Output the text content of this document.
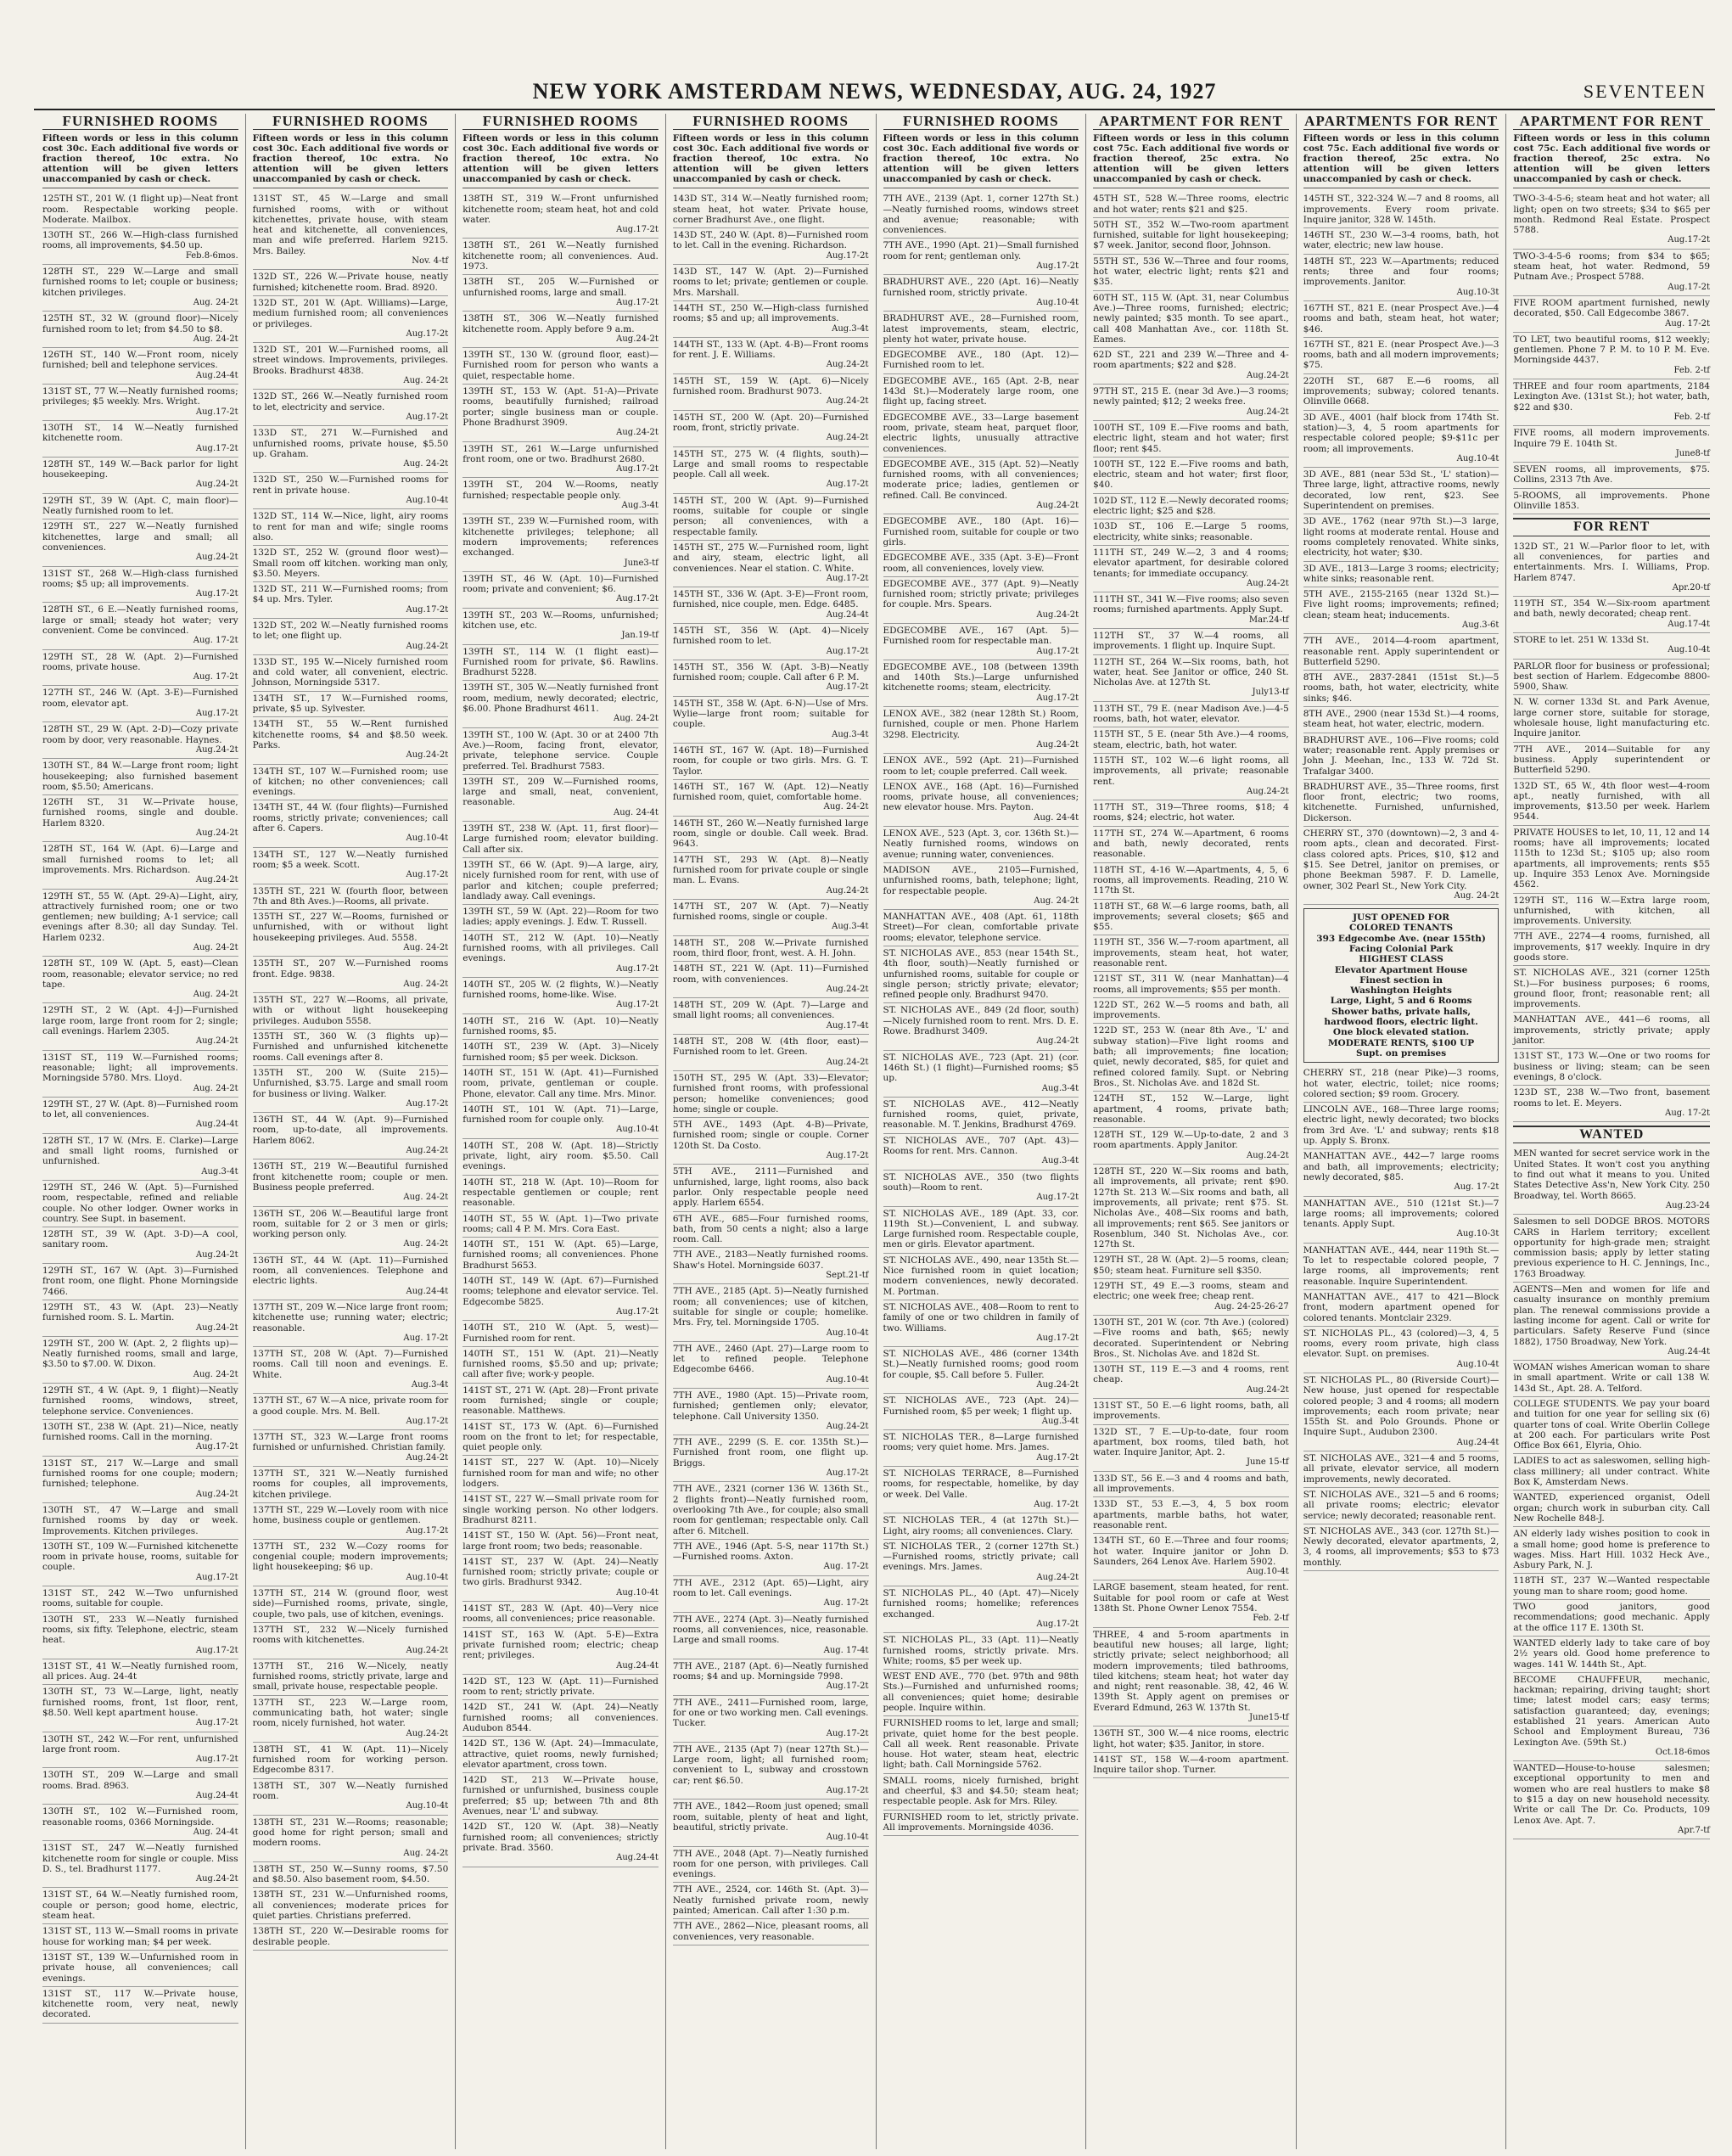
NEW YORK AMSTERDAM NEWS, WEDNESDAY, AUG. 24, 1927	SEVENTEEN
FURNISHED ROOMS
Fifteen words or less in this column cost 30c. Each additional five words or fraction thereof, 10c extra. No attention will be given letters unaccompanied by cash or check.
125TH ST., 201 W. (1 flight up)—Neat front room. Respectable working people. Moderate. Mailbox.
130TH ST., 266 W.—High-class furnished rooms, all improvements, $4.50 up.
Feb.8-6mos.
128TH ST., 229 W.—Large and small furnished rooms to let; couple or business; kitchen privileges.
Aug. 24-2t
125TH ST., 32 W. (ground floor)—Nicely furnished room to let; from $4.50 to $8.
Aug. 24-2t
126TH ST., 140 W.—Front room, nicely furnished; bell and telephone services.
Aug.24-4t
131ST ST., 77 W.—Neatly furnished rooms; privileges; $5 weekly. Mrs. Wright.
Aug.17-2t
130TH ST., 14 W.—Neatly furnished kitchenette room.
Aug.17-2t
128TH ST., 149 W.—Back parlor for light housekeeping.
Aug.24-2t
129TH ST., 39 W. (Apt. C, main floor)—Neatly furnished room to let.
129TH ST., 227 W.—Neatly furnished kitchenettes, large and small; all conveniences.
Aug.24-2t
131ST ST., 268 W.—High-class furnished rooms; $5 up; all improvements.
Aug.17-2t
128TH ST., 6 E.—Neatly furnished rooms, large or small; steady hot water; very convenient. Come be convinced.
Aug. 17-2t
129TH ST., 28 W. (Apt. 2)—Furnished rooms, private house.
Aug. 17-2t
127TH ST., 246 W. (Apt. 3-E)—Furnished room, elevator apt.
Aug.17-2t
128TH ST., 29 W. (Apt. 2-D)—Cozy private room by door, very reasonable. Haynes.
Aug.24-2t
130TH ST., 84 W.—Large front room; light housekeeping; also furnished basement room, $5.50; Americans.
126TH ST., 31 W.—Private house, furnished rooms, single and double. Harlem 8320.
Aug.24-2t
128TH ST., 164 W. (Apt. 6)—Large and small furnished rooms to let; all improvements. Mrs. Richardson.
Aug.24-2t
129TH ST., 55 W. (Apt. 29-A)—Light, airy, attractively furnished room; one or two gentlemen; new building; A-1 service; call evenings after 8.30; all day Sunday. Tel. Harlem 0232.
Aug. 24-2t
128TH ST., 109 W. (Apt. 5, east)—Clean room, reasonable; elevator service; no red tape.
Aug. 24-2t
129TH ST., 2 W. (Apt. 4-J)—Furnished large room, large front room for 2; single; call evenings. Harlem 2305.
Aug.24-2t
131ST ST., 119 W.—Furnished rooms; reasonable; light; all improvements. Morningside 5780. Mrs. Lloyd.
Aug. 24-2t
129TH ST., 27 W. (Apt. 8)—Furnished room to let, all conveniences.
Aug.24-4t
128TH ST., 17 W. (Mrs. E. Clarke)—Large and small light rooms, furnished or unfurnished.
Aug.3-4t
129TH ST., 246 W. (Apt. 5)—Furnished room, respectable, refined and reliable couple. No other lodger. Owner works in country. See Supt. in basement.
128TH ST., 39 W. (Apt. 3-D)—A cool, sanitary room.
Aug.24-2t
129TH ST., 167 W. (Apt. 3)—Furnished front room, one flight. Phone Morningside 7466.
129TH ST., 43 W. (Apt. 23)—Neatly furnished room. S. L. Martin.
Aug.24-2t
129TH ST., 200 W. (Apt. 2, 2 flights up)—Neatly furnished rooms, small and large, $3.50 to $7.00. W. Dixon.
Aug. 24-2t
129TH ST., 4 W. (Apt. 9, 1 flight)—Neatly furnished rooms, windows, street, telephone service. Conveniences.
130TH ST., 238 W. (Apt. 21)—Nice, neatly furnished rooms. Call in the morning.
Aug.17-2t
131ST ST., 217 W.—Large and small furnished rooms for one couple; modern; furnished; telephone.
Aug.24-2t
130TH ST., 47 W.—Large and small furnished rooms by day or week. Improvements. Kitchen privileges.
130TH ST., 109 W.—Furnished kitchenette room in private house, rooms, suitable for couple.
Aug.17-2t
131ST ST., 242 W.—Two unfurnished rooms, suitable for couple.
130TH ST., 233 W.—Neatly furnished rooms, six fifty. Telephone, electric, steam heat.
Aug.17-2t
131ST ST., 41 W.—Neatly furnished room, all prices. Aug. 24-4t
130TH ST., 73 W.—Large, light, neatly furnished rooms, front, 1st floor, rent, $8.50. Well kept apartment house.
Aug.17-2t
130TH ST., 242 W.—For rent, unfurnished large front room.
Aug.17-2t
130TH ST., 209 W.—Large and small rooms. Brad. 8963.
Aug.24-4t
130TH ST., 102 W.—Furnished room, reasonable rooms, 0366 Morningside.
Aug. 24-4t
131ST ST., 247 W.—Neatly furnished kitchenette room for single or couple. Miss D. S., tel. Bradhurst 1177.
Aug.24-2t
131ST ST., 64 W.—Neatly furnished room, couple or person; good home, electric, steam heat.
131ST ST., 113 W.—Small rooms in private house for working man; $4 per week.
131ST ST., 139 W.—Unfurnished room in private house, all conveniences; call evenings.
131ST ST., 117 W.—Private house, kitchenette room, very neat, newly decorated.
FURNISHED ROOMS
Fifteen words or less in this column cost 30c. Each additional five words or fraction thereof, 10c extra. No attention will be given letters unaccompanied by cash or check.
131ST ST., 45 W.—Large and small furnished rooms, with or without kitchenettes, private house, with steam heat and kitchenette, all conveniences, man and wife preferred. Harlem 9215. Mrs. Bailey.
Nov. 4-tf
132D ST., 226 W.—Private house, neatly furnished; kitchenette room. Brad. 8920.
132D ST., 201 W. (Apt. Williams)—Large, medium furnished room; all conveniences or privileges.
Aug.17-2t
132D ST., 201 W.—Furnished rooms, all street windows. Improvements, privileges. Brooks. Bradhurst 4838.
Aug. 24-2t
132D ST., 266 W.—Neatly furnished room to let, electricity and service.
Aug.17-2t
133D ST., 271 W.—Furnished and unfurnished rooms, private house, $5.50 up. Graham.
Aug. 24-2t
132D ST., 250 W.—Furnished rooms for rent in private house.
Aug.10-4t
132D ST., 114 W.—Nice, light, airy rooms to rent for man and wife; single rooms also.
132D ST., 252 W. (ground floor west)—Small room off kitchen. working man only, $3.50. Meyers.
132D ST., 211 W.—Furnished rooms; from $4 up. Mrs. Tyler.
Aug.17-2t
132D ST., 202 W.—Neatly furnished rooms to let; one flight up.
Aug.24-2t
133D ST., 195 W.—Nicely furnished room and cold water, all convenient, electric. Johnson, Morningside 5317.
134TH ST., 17 W.—Furnished rooms, private, $5 up. Sylvester.
134TH ST., 55 W.—Rent furnished kitchenette rooms, $4 and $8.50 week. Parks.
Aug.24-2t
134TH ST., 107 W.—Furnished room; use of kitchen; no other conveniences; call evenings.
134TH ST., 44 W. (four flights)—Furnished rooms, strictly private; conveniences; call after 6. Capers.
Aug.10-4t
134TH ST., 127 W.—Neatly furnished room; $5 a week. Scott.
Aug.17-2t
135TH ST., 221 W. (fourth floor, between 7th and 8th Aves.)—Rooms, all private.
135TH ST., 227 W.—Rooms, furnished or unfurnished, with or without light housekeeping privileges. Aud. 5558.
Aug. 24-2t
135TH ST., 207 W.—Furnished rooms front. Edge. 9838.
Aug. 24-2t
135TH ST., 227 W.—Rooms, all private, with or without light housekeeping privileges. Audubon 5558.
135TH ST., 360 W. (3 flights up)—Furnished and unfurnished kitchenette rooms. Call evenings after 8.
135TH ST., 200 W. (Suite 215)—Unfurnished, $3.75. Large and small room for business or living. Walker.
Aug.17-2t
136TH ST., 44 W. (Apt. 9)—Furnished room, up-to-date, all improvements. Harlem 8062.
Aug.24-2t
136TH ST., 219 W.—Beautiful furnished front kitchenette room; couple or men. Business people preferred.
Aug. 24-2t
136TH ST., 206 W.—Beautiful large front room, suitable for 2 or 3 men or girls; working person only.
Aug. 24-2t
136TH ST., 44 W. (Apt. 11)—Furnished room, all conveniences. Telephone and electric lights.
Aug.24-4t
137TH ST., 209 W.—Nice large front room; kitchenette use; running water; electric; reasonable.
Aug. 17-2t
137TH ST., 208 W. (Apt. 7)—Furnished rooms. Call till noon and evenings. E. White.
Aug.3-4t
137TH ST., 67 W.—A nice, private room for a good couple. Mrs. M. Bell.
Aug.17-2t
137TH ST., 323 W.—Large front rooms furnished or unfurnished. Christian family.
Aug.24-2t
137TH ST., 321 W.—Neatly furnished rooms for couples, all improvements, kitchen privilege.
137TH ST., 229 W.—Lovely room with nice home, business couple or gentlemen.
Aug.17-2t
137TH ST., 232 W.—Cozy rooms for congenial couple; modern improvements; light housekeeping; $6 up.
Aug.10-4t
137TH ST., 214 W. (ground floor, west side)—Furnished rooms, private, single, couple, two pals, use of kitchen, evenings.
137TH ST., 232 W.—Nicely furnished rooms with kitchenettes.
Aug.24-2t
137TH ST., 216 W.—Nicely, neatly furnished rooms, strictly private, large and small, private house, respectable people.
137TH ST., 223 W.—Large room, communicating bath, hot water; single room, nicely furnished, hot water.
Aug.24-2t
138TH ST., 41 W. (Apt. 11)—Nicely furnished room for working person. Edgecombe 8317.
138TH ST., 307 W.—Neatly furnished room.
Aug.10-4t
138TH ST., 231 W.—Rooms; reasonable; good home for right person; small and modern rooms.
Aug. 24-2t
138TH ST., 250 W.—Sunny rooms, $7.50 and $8.50. Also basement room, $4.50.
138TH ST., 231 W.—Unfurnished rooms, all conveniences; moderate prices for quiet parties. Christians preferred.
138TH ST., 220 W.—Desirable rooms for desirable people.
FURNISHED ROOMS
Fifteen words or less in this column cost 30c. Each additional five words or fraction thereof, 10c extra. No attention will be given letters unaccompanied by cash or check.
138TH ST., 319 W.—Front unfurnished kitchenette room; steam heat, hot and cold water.
Aug.17-2t
138TH ST., 261 W.—Neatly furnished kitchenette room; all conveniences. Aud. 1973.
138TH ST., 205 W.—Furnished or unfurnished rooms, large and small.
Aug.17-2t
138TH ST., 306 W.—Neatly furnished kitchenette room. Apply before 9 a.m.
Aug.24-2t
139TH ST., 130 W. (ground floor, east)—Furnished room for person who wants a quiet, respectable home.
139TH ST., 153 W. (Apt. 51-A)—Private rooms, beautifully furnished; railroad porter; single business man or couple. Phone Bradhurst 3909.
Aug.24-2t
139TH ST., 261 W.—Large unfurnished front room, one or two. Bradhurst 2680.
Aug.17-2t
139TH ST., 204 W.—Rooms, neatly furnished; respectable people only.
Aug.3-4t
139TH ST., 239 W.—Furnished room, with kitchenette privileges; telephone; all modern improvements; references exchanged.
June3-tf
139TH ST., 46 W. (Apt. 10)—Furnished room; private and convenient; $6.
Aug.17-2t
139TH ST., 203 W.—Rooms, unfurnished; kitchen use, etc.
Jan.19-tf
139TH ST., 114 W. (1 flight east)—Furnished room for private, $6. Rawlins. Bradhurst 5228.
139TH ST., 305 W.—Neatly furnished front room, medium, newly decorated; electric, $6.00. Phone Bradhurst 4611.
Aug. 24-2t
139TH ST., 100 W. (Apt. 30 or at 2400 7th Ave.)—Room, facing front, elevator, private, telephone service. Couple preferred. Tel. Bradhurst 7583.
139TH ST., 209 W.—Furnished rooms, large and small, neat, convenient, reasonable.
Aug. 24-4t
139TH ST., 238 W. (Apt. 11, first floor)—Large furnished room; elevator building. Call after six.
139TH ST., 66 W. (Apt. 9)—A large, airy, nicely furnished room for rent, with use of parlor and kitchen; couple preferred; landlady away. Call evenings.
139TH ST., 59 W. (Apt. 22)—Room for two ladies; apply evenings. J. Edw. T. Russell.
140TH ST., 212 W. (Apt. 10)—Neatly furnished rooms, with all privileges. Call evenings.
Aug.17-2t
140TH ST., 205 W. (2 flights, W.)—Neatly furnished rooms, home-like. Wise.
Aug.17-2t
140TH ST., 216 W. (Apt. 10)—Neatly furnished rooms, $5.
140TH ST., 239 W. (Apt. 3)—Nicely furnished room; $5 per week. Dickson.
140TH ST., 151 W. (Apt. 41)—Furnished room, private, gentleman or couple. Phone, elevator. Call any time. Mrs. Minor.
140TH ST., 101 W. (Apt. 71)—Large, furnished room for couple only.
Aug.10-4t
140TH ST., 208 W. (Apt. 18)—Strictly private, light, airy room. $5.50. Call evenings.
140TH ST., 218 W. (Apt. 10)—Room for respectable gentlemen or couple; rent reasonable.
140TH ST., 55 W. (Apt. 1)—Two private rooms; call 4 P. M. Mrs. Cora East.
140TH ST., 151 W. (Apt. 65)—Large, furnished rooms; all conveniences. Phone Bradhurst 5653.
140TH ST., 149 W. (Apt. 67)—Furnished rooms; telephone and elevator service. Tel. Edgecombe 5825.
Aug.17-2t
140TH ST., 210 W. (Apt. 5, west)—Furnished room for rent.
140TH ST., 151 W. (Apt. 21)—Neatly furnished rooms, $5.50 and up; private; call after five; work-y people.
141ST ST., 271 W. (Apt. 28)—Front private room furnished; single or couple; reasonable. Matthews.
141ST ST., 173 W. (Apt. 6)—Furnished room on the front to let; for respectable, quiet people only.
141ST ST., 227 W. (Apt. 10)—Nicely furnished room for man and wife; no other lodgers.
141ST ST., 227 W.—Small private room for single working person. No other lodgers. Bradhurst 8211.
141ST ST., 150 W. (Apt. 56)—Front neat, large front room; two beds; reasonable.
141ST ST., 237 W. (Apt. 24)—Neatly furnished room; strictly private; couple or two girls. Bradhurst 9342.
Aug.10-4t
141ST ST., 283 W. (Apt. 40)—Very nice rooms, all conveniences; price reasonable.
141ST ST., 163 W. (Apt. 5-E)—Extra private furnished room; electric; cheap rent; privileges.
Aug.24-4t
142D ST., 123 W. (Apt. 11)—Furnished room to rent; strictly private.
142D ST., 241 W. (Apt. 24)—Neatly furnished rooms; all conveniences. Audubon 8544.
142D ST., 136 W. (Apt. 24)—Immaculate, attractive, quiet rooms, newly furnished; elevator apartment, cross town.
142D ST., 213 W.—Private house, furnished or unfurnished, business couple preferred; $5 up; between 7th and 8th Avenues, near 'L' and subway.
142D ST., 120 W. (Apt. 38)—Neatly furnished room; all conveniences; strictly private. Brad. 3560.
Aug.24-4t
FURNISHED ROOMS
Fifteen words or less in this column cost 30c. Each additional five words or fraction thereof, 10c extra. No attention will be given letters unaccompanied by cash or check.
143D ST., 314 W.—Neatly furnished room; steam heat, hot water. Private house, corner Bradhurst Ave., one flight.
143D ST., 240 W. (Apt. 8)—Furnished room to let. Call in the evening. Richardson.
Aug.17-2t
143D ST., 147 W. (Apt. 2)—Furnished rooms to let; private; gentlemen or couple. Mrs. Marshall.
144TH ST., 250 W.—High-class furnished rooms; $5 and up; all improvements.
Aug.3-4t
144TH ST., 133 W. (Apt. 4-B)—Front rooms for rent. J. E. Williams.
Aug.24-2t
145TH ST., 159 W. (Apt. 6)—Nicely furnished room. Bradhurst 9073.
Aug.24-2t
145TH ST., 200 W. (Apt. 20)—Furnished room, front, strictly private.
Aug.24-2t
145TH ST., 275 W. (4 flights, south)—Large and small rooms to respectable people. Call all week.
Aug.17-2t
145TH ST., 200 W. (Apt. 9)—Furnished rooms, suitable for couple or single person; all conveniences, with a respectable family.
145TH ST., 275 W.—Furnished room, light and airy, steam, electric light, all conveniences. Near el station. C. White.
Aug.17-2t
145TH ST., 336 W. (Apt. 3-E)—Front room, furnished, nice couple, men. Edge. 6485.
Aug.24-4t
145TH ST., 356 W. (Apt. 4)—Nicely furnished room to let.
Aug.17-2t
145TH ST., 356 W. (Apt. 3-B)—Neatly furnished room; couple. Call after 6 P. M.
Aug.17-2t
145TH ST., 358 W. (Apt. 6-N)—Use of Mrs. Wylie—large front room; suitable for couple.
Aug.3-4t
146TH ST., 167 W. (Apt. 18)—Furnished room, for couple or two girls. Mrs. G. T. Taylor.
146TH ST., 167 W. (Apt. 12)—Neatly furnished room, quiet, comfortable home.
Aug. 24-2t
146TH ST., 260 W.—Neatly furnished large room, single or double. Call week. Brad. 9643.
147TH ST., 293 W. (Apt. 8)—Neatly furnished room for private couple or single man. L. Evans.
Aug.24-2t
147TH ST., 207 W. (Apt. 7)—Neatly furnished rooms, single or couple.
Aug.3-4t
148TH ST., 208 W.—Private furnished room, third floor, front, west. A. H. John.
148TH ST., 221 W. (Apt. 11)—Furnished room, with conveniences.
Aug.24-2t
148TH ST., 209 W. (Apt. 7)—Large and small light rooms; all conveniences.
Aug.17-4t
148TH ST., 208 W. (4th floor, east)—Furnished room to let. Green.
Aug.24-2t
150TH ST., 295 W. (Apt. 33)—Elevator; furnished front rooms, with professional person; homelike conveniences; good home; single or couple.
5TH AVE., 1493 (Apt. 4-B)—Private, furnished room; single or couple. Corner 120th St. Da Costo.
Aug.17-2t
5TH AVE., 2111—Furnished and unfurnished, large, light rooms, also back parlor. Only respectable people need apply. Harlem 6554.
6TH AVE., 685—Four furnished rooms, bath, from 50 cents a night; also a large room. Call.
7TH AVE., 2183—Neatly furnished rooms. Shaw's Hotel. Morningside 6037.
Sept.21-tf
7TH AVE., 2185 (Apt. 5)—Neatly furnished room; all conveniences; use of kitchen, suitable for single or couple; homelike. Mrs. Fry, tel. Morningside 1705.
Aug.10-4t
7TH AVE., 2460 (Apt. 27)—Large room to let to refined people. Telephone Edgecombe 6466.
Aug.10-4t
7TH AVE., 1980 (Apt. 15)—Private room, furnished; gentlemen only; elevator, telephone. Call University 1350.
Aug.24-2t
7TH AVE., 2299 (S. E. cor. 135th St.)—Furnished front room, one flight up. Briggs.
Aug.17-2t
7TH AVE., 2321 (corner 136 W. 136th St., 2 flights front)—Neatly furnished room, overlooking 7th Ave., for couple; also small room for gentleman; respectable only. Call after 6. Mitchell.
7TH AVE., 1946 (Apt. 5-S, near 117th St.)—Furnished rooms. Axton.
Aug. 17-2t
7TH AVE., 2312 (Apt. 65)—Light, airy room to let. Call evenings.
Aug. 17-2t
7TH AVE., 2274 (Apt. 3)—Neatly furnished rooms, all conveniences, nice, reasonable. Large and small rooms.
Aug. 17-4t
7TH AVE., 2187 (Apt. 6)—Neatly furnished rooms; $4 and up. Morningside 7998.
Aug.17-2t
7TH AVE., 2411—Furnished room, large, for one or two working men. Call evenings. Tucker.
Aug.17-2t
7TH AVE., 2135 (Apt 7) (near 127th St.)—Large room, light; all furnished room; convenient to L, subway and crosstown car; rent $6.50.
Aug.17-2t
7TH AVE., 1842—Room just opened; small room, suitable, plenty of heat and light, beautiful, strictly private.
Aug.10-4t
7TH AVE., 2048 (Apt. 7)—Neatly furnished room for one person, with privileges. Call evenings.
7TH AVE., 2524, cor. 146th St. (Apt. 3)—Neatly furnished private room, newly painted; American. Call after 1:30 p.m.
7TH AVE., 2862—Nice, pleasant rooms, all conveniences, very reasonable.
FURNISHED ROOMS
Fifteen words or less in this column cost 30c. Each additional five words or fraction thereof, 10c extra. No attention will be given letters unaccompanied by cash or check.
7TH AVE., 2139 (Apt. 1, corner 127th St.)—Neatly furnished rooms, windows street and avenue; reasonable; with conveniences.
7TH AVE., 1990 (Apt. 21)—Small furnished room for rent; gentleman only.
Aug.17-2t
BRADHURST AVE., 220 (Apt. 16)—Neatly furnished room, strictly private.
Aug.10-4t
BRADHURST AVE., 28—Furnished room, latest improvements, steam, electric, plenty hot water, private house.
EDGECOMBE AVE., 180 (Apt. 12)—Furnished room to let.
EDGECOMBE AVE., 165 (Apt. 2-B, near 143d St.)—Moderately large room, one flight up, facing street.
EDGECOMBE AVE., 33—Large basement room, private, steam heat, parquet floor, electric lights, unusually attractive conveniences.
EDGECOMBE AVE., 315 (Apt. 52)—Neatly furnished rooms, with all conveniences; moderate price; ladies, gentlemen or refined. Call. Be convinced.
Aug.24-2t
EDGECOMBE AVE., 180 (Apt. 16)—Furnished room, suitable for couple or two girls.
EDGECOMBE AVE., 335 (Apt. 3-E)—Front room, all conveniences, lovely view.
EDGECOMBE AVE., 377 (Apt. 9)—Neatly furnished room; strictly private; privileges for couple. Mrs. Spears.
Aug.24-2t
EDGECOMBE AVE., 167 (Apt. 5)—Furnished room for respectable man.
Aug.17-2t
EDGECOMBE AVE., 108 (between 139th and 140th Sts.)—Large unfurnished kitchenette rooms; steam, electricity.
Aug.17-2t
LENOX AVE., 382 (near 128th St.) Room, furnished, couple or men. Phone Harlem 3298. Electricity.
Aug.24-2t
LENOX AVE., 592 (Apt. 21)—Furnished room to let; couple preferred. Call week.
LENOX AVE., 168 (Apt. 16)—Furnished rooms, private house, all conveniences; new elevator house. Mrs. Payton.
Aug. 24-4t
LENOX AVE., 523 (Apt. 3, cor. 136th St.)—Neatly furnished rooms, windows on avenue; running water, conveniences.
MADISON AVE., 2105—Furnished, unfurnished rooms, bath, telephone; light, for respectable people.
Aug. 24-2t
MANHATTAN AVE., 408 (Apt. 61, 118th Street)—For clean, comfortable private rooms; elevator, telephone service.
ST. NICHOLAS AVE., 853 (near 154th St., 4th floor, south)—Neatly furnished or unfurnished rooms, suitable for couple or single person; strictly private; elevator; refined people only. Bradhurst 9470.
ST. NICHOLAS AVE., 849 (2d floor, south)—Nicely furnished room to rent. Mrs. D. E. Rowe. Bradhurst 3409.
Aug.24-2t
ST. NICHOLAS AVE., 723 (Apt. 21) (cor. 146th St.) (1 flight)—Furnished rooms; $5 up.
Aug.3-4t
ST. NICHOLAS AVE., 412—Neatly furnished rooms, quiet, private, reasonable. M. T. Jenkins, Bradhurst 4769.
ST. NICHOLAS AVE., 707 (Apt. 43)—Rooms for rent. Mrs. Cannon.
Aug.3-4t
ST. NICHOLAS AVE., 350 (two flights south)—Room to rent.
Aug.17-2t
ST. NICHOLAS AVE., 189 (Apt. 33, cor. 119th St.)—Convenient, L and subway. Large furnished room. Respectable couple, men or girls. Elevator apartment.
ST. NICHOLAS AVE., 490, near 135th St.—Nice furnished room in quiet location; modern conveniences, newly decorated. M. Portman.
ST. NICHOLAS AVE., 408—Room to rent to family of one or two children in family of two. Williams.
Aug.17-2t
ST. NICHOLAS AVE., 486 (corner 134th St.)—Neatly furnished rooms; good room for couple, $5. Call before 5. Fuller.
Aug.24-2t
ST. NICHOLAS AVE., 723 (Apt. 24)—Furnished room, $5 per week; 1 flight up.
Aug.3-4t
ST. NICHOLAS TER., 8—Large furnished rooms; very quiet home. Mrs. James.
Aug.17-2t
ST. NICHOLAS TERRACE, 8—Furnished rooms, for respectable, homelike, by day or week. Del Valle.
Aug. 17-2t
ST. NICHOLAS TER., 4 (at 127th St.)—Light, airy rooms; all conveniences. Clary.
ST. NICHOLAS TER., 2 (corner 127th St.)—Furnished rooms, strictly private; call evenings. Mrs. James.
Aug.24-2t
ST. NICHOLAS PL., 40 (Apt. 47)—Nicely furnished rooms; homelike; references exchanged.
Aug.17-2t
ST. NICHOLAS PL., 33 (Apt. 11)—Neatly furnished rooms, strictly private. Mrs. White; rooms, $5 per week up.
WEST END AVE., 770 (bet. 97th and 98th Sts.)—Furnished and unfurnished rooms; all conveniences; quiet home; desirable people. Inquire within.
FURNISHED rooms to let, large and small; private, quiet home for the best people. Call all week. Rent reasonable. Private house. Hot water, steam heat, electric light; bath. Call Morningside 5762.
SMALL rooms, nicely furnished, bright and cheerful, $3 and $4.50; steam heat; respectable people. Ask for Mrs. Riley.
FURNISHED room to let, strictly private. All improvements. Morningside 4036.
APARTMENT FOR RENT
Fifteen words or less in this column cost 75c. Each additional five words or fraction thereof, 25c extra. No attention will be given letters unaccompanied by cash or check.
45TH ST., 528 W.—Three rooms, electric and hot water; rents $21 and $25.
50TH ST., 352 W.—Two-room apartment furnished, suitable for light housekeeping; $7 week. Janitor, second floor, Johnson.
55TH ST., 536 W.—Three and four rooms, hot water, electric light; rents $21 and $35.
60TH ST., 115 W. (Apt. 31, near Columbus Ave.)—Three rooms, furnished; electric; newly painted; $35 month. To see apart., call 408 Manhattan Ave., cor. 118th St. Eames.
62D ST., 221 and 239 W.—Three and 4-room apartments; $22 and $28.
Aug.24-2t
97TH ST., 215 E. (near 3d Ave.)—3 rooms; newly painted; $12; 2 weeks free.
Aug.24-2t
100TH ST., 109 E.—Five rooms and bath, electric light, steam and hot water; first floor; rent $45.
100TH ST., 122 E.—Five rooms and bath, electric, steam and hot water; first floor, $40.
102D ST., 112 E.—Newly decorated rooms; electric light; $25 and $28.
103D ST., 106 E.—Large 5 rooms, electricity, white sinks; reasonable.
111TH ST., 249 W.—2, 3 and 4 rooms; elevator apartment, for desirable colored tenants; for immediate occupancy.
Aug.24-2t
111TH ST., 341 W.—Five rooms; also seven rooms; furnished apartments. Apply Supt.
Mar.24-tf
112TH ST., 37 W.—4 rooms, all improvements. 1 flight up. Inquire Supt.
112TH ST., 264 W.—Six rooms, bath, hot water, heat. See Janitor or office, 240 St. Nicholas Ave. at 127th St.
July13-tf
113TH ST., 79 E. (near Madison Ave.)—4-5 rooms, bath, hot water, elevator.
115TH ST., 5 E. (near 5th Ave.)—4 rooms, steam, electric, bath, hot water.
115TH ST., 102 W.—6 light rooms, all improvements, all private; reasonable rent.
Aug.24-2t
117TH ST., 319—Three rooms, $18; 4 rooms, $24; electric, hot water.
117TH ST., 274 W.—Apartment, 6 rooms and bath, newly decorated, rents reasonable.
118TH ST., 4-16 W.—Apartments, 4, 5, 6 rooms, all improvements. Reading, 210 W. 117th St.
118TH ST., 68 W.—6 large rooms, bath, all improvements; several closets; $65 and $55.
119TH ST., 356 W.—7-room apartment, all improvements, steam heat, hot water, reasonable rent.
121ST ST., 311 W. (near Manhattan)—4 rooms, all improvements; $55 per month.
122D ST., 262 W.—5 rooms and bath, all improvements.
122D ST., 253 W. (near 8th Ave., 'L' and subway station)—Five light rooms and bath; all improvements; fine location; quiet, newly decorated, $85, for quiet and refined colored family. Supt. or Nebring Bros., St. Nicholas Ave. and 182d St.
124TH ST., 152 W.—Large, light apartment, 4 rooms, private bath; reasonable.
128TH ST., 129 W.—Up-to-date, 2 and 3 room apartments. Apply Janitor.
Aug.24-2t
128TH ST., 220 W.—Six rooms and bath, all improvements, all private; rent $90. 127th St. 213 W.—Six rooms and bath, all improvements, all private; rent $75. St. Nicholas Ave., 408—Six rooms and bath, all improvements; rent $65. See janitors or Rosenblum, 340 St. Nicholas Ave., cor. 127th St.
129TH ST., 28 W. (Apt. 2)—5 rooms, clean; $50; steam heat. Furniture sell $350.
129TH ST., 49 E.—3 rooms, steam and electric; one week free; cheap rent.
Aug. 24-25-26-27
130TH ST., 201 W. (cor. 7th Ave.) (colored)—Five rooms and bath, $65; newly decorated. Superintendent or Nebring Bros., St. Nicholas Ave. and 182d St.
130TH ST., 119 E.—3 and 4 rooms, rent cheap.
Aug.24-2t
131ST ST., 50 E.—6 light rooms, bath, all improvements.
132D ST., 7 E.—Up-to-date, four room apartment, box rooms, tiled bath, hot water. Inquire Janitor, Apt. 2.
June 15-tf
133D ST., 56 E.—3 and 4 rooms and bath, all improvements.
133D ST., 53 E.—3, 4, 5 box room apartments, marble baths, hot water, reasonable rent.
134TH ST., 60 E.—Three and four rooms; hot water. Inquire janitor or John D. Saunders, 264 Lenox Ave. Harlem 5902.
Aug.10-4t
LARGE basement, steam heated, for rent. Suitable for pool room or cafe at West 138th St. Phone Owner Lenox 7554.
Feb. 2-tf
THREE, 4 and 5-room apartments in beautiful new houses; all large, light; strictly private; select neighborhood; all modern improvements; tiled bathrooms, tiled kitchens; steam heat; hot water day and night; rent reasonable. 38, 42, 46 W. 139th St. Apply agent on premises or Everard Edmund, 263 W. 137th St.
June15-tf
136TH ST., 300 W.—4 nice rooms, electric light, hot water; $35. Janitor, in store.
141ST ST., 158 W.—4-room apartment. Inquire tailor shop. Turner.
APARTMENTS FOR RENT
Fifteen words or less in this column cost 75c. Each additional five words or fraction thereof, 25c extra. No attention will be given letters unaccompanied by cash or check.
145TH ST., 322-324 W.—7 and 8 rooms, all improvements. Every room private. Inquire janitor, 328 W. 145th.
146TH ST., 230 W.—3-4 rooms, bath, hot water, electric; new law house.
148TH ST., 223 W.—Apartments; reduced rents; three and four rooms; improvements. Janitor.
Aug.10-3t
167TH ST., 821 E. (near Prospect Ave.)—4 rooms and bath, steam heat, hot water; $46.
167TH ST., 821 E. (near Prospect Ave.)—3 rooms, bath and all modern improvements; $75.
220TH ST., 687 E.—6 rooms, all improvements; subway; colored tenants. Olinville 0668.
3D AVE., 4001 (half block from 174th St. station)—3, 4, 5 room apartments for respectable colored people; $9-$11c per room; all improvements.
Aug.10-4t
3D AVE., 881 (near 53d St., 'L' station)—Three large, light, attractive rooms, newly decorated, low rent, $23. See Superintendent on premises.
3D AVE., 1762 (near 97th St.)—3 large, light rooms at moderate rental. House and rooms completely renovated. White sinks, electricity, hot water; $30.
3D AVE., 1813—Large 3 rooms; electricity; white sinks; reasonable rent.
5TH AVE., 2155-2165 (near 132d St.)—Five light rooms; improvements; refined; clean; steam heat; inducements.
Aug.3-6t
7TH AVE., 2014—4-room apartment, reasonable rent. Apply superintendent or Butterfield 5290.
8TH AVE., 2837-2841 (151st St.)—5 rooms, bath, hot water, electricity, white sinks; $46.
8TH AVE., 2900 (near 153d St.)—4 rooms, steam heat, hot water, electric, modern.
BRADHURST AVE., 106—Five rooms; cold water; reasonable rent. Apply premises or John J. Meehan, Inc., 133 W. 72d St. Trafalgar 3400.
BRADHURST AVE., 35—Three rooms, first floor front, electric; two rooms, kitchenette. Furnished, unfurnished, Dickerson.
CHERRY ST., 370 (downtown)—2, 3 and 4-room apts., clean and decorated. First-class colored apts. Prices, $10, $12 and $15. See Detrel, janitor on premises, or phone Beekman 5987. F. D. Lamelle, owner, 302 Pearl St., New York City.
Aug. 24-2t
JUST OPENED FOR
COLORED TENANTS
393 Edgecombe Ave. (near 155th)
Facing Colonial Park
HIGHEST CLASS
Elevator Apartment House
Finest section in
Washington Heights
Large, Light, 5 and 6 Rooms
Shower baths, private halls, hardwood floors, electric light.
One block elevated station.
MODERATE RENTS, $100 UP
Supt. on premises
CHERRY ST., 218 (near Pike)—3 rooms, hot water, electric, toilet; nice rooms; colored section; $9 room. Grocery.
LINCOLN AVE., 168—Three large rooms; electric light, newly decorated; two blocks from 3rd Ave. 'L' and subway; rents $18 up. Apply S. Bronx.
MANHATTAN AVE., 442—7 large rooms and bath, all improvements; electricity; newly decorated, $85.
Aug. 17-2t
MANHATTAN AVE., 510 (121st St.)—7 large rooms; all improvements; colored tenants. Apply Supt.
Aug.10-3t
MANHATTAN AVE., 444, near 119th St.—To let to respectable colored people, 7 large rooms, all improvements; rent reasonable. Inquire Superintendent.
MANHATTAN AVE., 417 to 421—Block front, modern apartment opened for colored tenants. Montclair 2329.
ST. NICHOLAS PL., 43 (colored)—3, 4, 5 rooms, every room private, high class elevator. Supt. on premises.
Aug.10-4t
ST. NICHOLAS PL., 80 (Riverside Court)—New house, just opened for respectable colored people; 3 and 4 rooms; all modern improvements; each room private; near 155th St. and Polo Grounds. Phone or Inquire Supt., Audubon 2300.
Aug.24-4t
ST. NICHOLAS AVE., 321—4 and 5 rooms, all private, elevator service, all modern improvements, newly decorated.
ST. NICHOLAS AVE., 321—5 and 6 rooms; all private rooms; electric; elevator service; newly decorated; reasonable rent.
ST. NICHOLAS AVE., 343 (cor. 127th St.)—Newly decorated, elevator apartments, 2, 3, 4 rooms, all improvements; $53 to $73 monthly.
APARTMENT FOR RENT
Fifteen words or less in this column cost 75c. Each additional five words or fraction thereof, 25c extra. No attention will be given letters unaccompanied by cash or check.
TWO-3-4-5-6; steam heat and hot water; all light; open on two streets; $34 to $65 per month. Redmond Real Estate. Prospect 5788.
Aug.17-2t
TWO-3-4-5-6 rooms; from $34 to $65; steam heat, hot water. Redmond, 59 Putnam Ave.; Prospect 5788.
Aug.17-2t
FIVE ROOM apartment furnished, newly decorated, $50. Call Edgecombe 3867.
Aug. 17-2t
TO LET, two beautiful rooms, $12 weekly; gentlemen. Phone 7 P. M. to 10 P. M. Eve. Morningside 4437.
Feb. 2-tf
THREE and four room apartments, 2184 Lexington Ave. (131st St.); hot water, bath, $22 and $30.
Feb. 2-tf
FIVE rooms, all modern improvements. Inquire 79 E. 104th St.
June8-tf
SEVEN rooms, all improvements, $75. Collins, 2313 7th Ave.
5-ROOMS, all improvements. Phone Olinville 1853.
FOR RENT
132D ST., 21 W.—Parlor floor to let, with all conveniences, for parties and entertainments. Mrs. I. Williams, Prop. Harlem 8747.
Apr.20-tf
119TH ST., 354 W.—Six-room apartment and bath, newly decorated; cheap rent.
Aug.17-4t
STORE to let. 251 W. 133d St.
Aug.10-4t
PARLOR floor for business or professional; best section of Harlem. Edgecombe 8800-5900, Shaw.
N. W. corner 133d St. and Park Avenue, large corner store, suitable for storage, wholesale house, light manufacturing etc. Inquire janitor.
7TH AVE., 2014—Suitable for any business. Apply superintendent or Butterfield 5290.
132D ST., 65 W., 4th floor west—4-room apt., neatly furnished, with all improvements, $13.50 per week. Harlem 9544.
PRIVATE HOUSES to let, 10, 11, 12 and 14 rooms; have all improvements; located 115th to 123d St.; $105 up; also room apartments, all improvements; rents $55 up. Inquire 353 Lenox Ave. Morningside 4562.
129TH ST., 116 W.—Extra large room, unfurnished, with kitchen, all improvements. University.
7TH AVE., 2274—4 rooms, furnished, all improvements, $17 weekly. Inquire in dry goods store.
ST. NICHOLAS AVE., 321 (corner 125th St.)—For business purposes; 6 rooms, ground floor, front; reasonable rent; all improvements.
MANHATTAN AVE., 441—6 rooms, all improvements, strictly private; apply janitor.
131ST ST., 173 W.—One or two rooms for business or living; steam; can be seen evenings, 8 o'clock.
123D ST., 238 W.—Two front, basement rooms to let. E. Meyers.
Aug. 17-2t
WANTED
MEN wanted for secret service work in the United States. It won't cost you anything to find out what it means to you. United States Detective Ass'n, New York City. 250 Broadway, tel. Worth 8665.
Aug.23-24
Salesmen to sell DODGE BROS. MOTORS CARS in Harlem territory; excellent opportunity for high-grade men; straight commission basis; apply by letter stating previous experience to H. C. Jennings, Inc., 1763 Broadway.
AGENTS—Men and women for life and casualty insurance on monthly premium plan. The renewal commissions provide a lasting income for agent. Call or write for particulars. Safety Reserve Fund (since 1882), 1750 Broadway, New York.
Aug.24-4t
WOMAN wishes American woman to share in small apartment. Write or call 138 W. 143d St., Apt. 28. A. Telford.
COLLEGE STUDENTS. We pay your board and tuition for one year for selling six (6) quarter tons of coal. Write Oberlin College at 200 each. For particulars write Post Office Box 661, Elyria, Ohio.
LADIES to act as saleswomen, selling high-class millinery; all under contract. White Box K, Amsterdam News.
WANTED, experienced organist, Odell organ; church work in suburban city. Call New Rochelle 848-J.
AN elderly lady wishes position to cook in a small home; good home is preference to wages. Miss. Hart Hill. 1032 Heck Ave., Asbury Park, N. J.
118TH ST., 237 W.—Wanted respectable young man to share room; good home.
TWO good janitors, good recommendations; good mechanic. Apply at the office 117 E. 130th St.
WANTED elderly lady to take care of boy 2½ years old. Good home preference to wages. 141 W. 144th St., Apt.
BECOME CHAUFFEUR, mechanic, hackman; repairing, driving taught; short time; latest model cars; easy terms; satisfaction guaranteed; day, evenings; established 21 years. American Auto School and Employment Bureau, 736 Lexington Ave. (59th St.)
Oct.18-6mos
WANTED—House-to-house salesmen; exceptional opportunity to men and women who are real hustlers to make $8 to $15 a day on new household necessity. Write or call The Dr. Co. Products, 109 Lenox Ave. Apt. 7.
Apr.7-tf
